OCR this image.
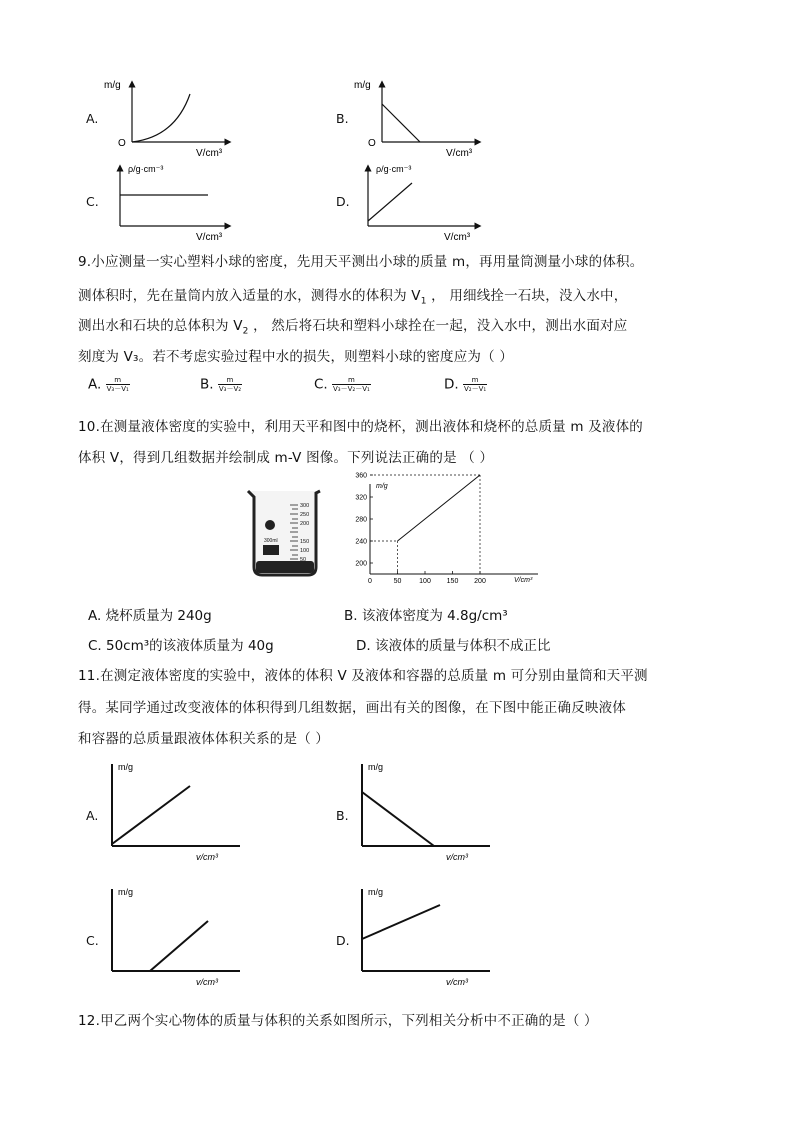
A.
m/g
O
V/cm³
B.
m/g
O
V/cm³
C.
ρ/g·cm⁻³
V/cm³
D.
ρ/g·cm⁻³
V/cm³
9.小应测量一实心塑料小球的密度，先用天平测出小球的质量 m，再用量筒测量小球的体积。
测体积时，先在量筒内放入适量的水，测得水的体积为 $V_1$ ， 用细线拴一石块，没入水中，
测出水和石块的总体积为 $V_2$ ， 然后将石块和塑料小球拴在一起，没入水中，测出水面对应
刻度为 V₃。若不考虑实验过程中水的损失，则塑料小球的密度应为（ ）
A. $\frac{m}{\text{V₃－V₁}}$	B. $\frac{m}{\text{V₃－V₂}}$	C. $\frac{m}{\text{V₃－V₂－V₁}}$	D. $\frac{m}{\text{V₂－V₁}}$
10.在测量液体密度的实验中，利用天平和图中的烧杯，测出液体和烧杯的总质量 m 及液体的
体积 V，得到几组数据并绘制成 m-V 图像。下列说法正确的是 （ ）
300ml
300
250
200
150
100
50
200
240
280
320
360
0	50	100 150 200
m/g
V/cm³
A. 烧杯质量为 240g	B. 该液体密度为 4.8g/cm³
C. 50cm³的该液体质量为 40g	D. 该液体的质量与体积不成正比
11.在测定液体密度的实验中，液体的体积 V 及液体和容器的总质量 m 可分别由量筒和天平测
得。某同学通过改变液体的体积得到几组数据，画出有关的图像，在下图中能正确反映液体
和容器的总质量跟液体体积关系的是（ ）
A.
m/g
v/cm³
B.
m/g
v/cm³
C.
m/g
v/cm³
D.
m/g
v/cm³
12.甲乙两个实心物体的质量与体积的关系如图所示，下列相关分析中不正确的是（ ）
